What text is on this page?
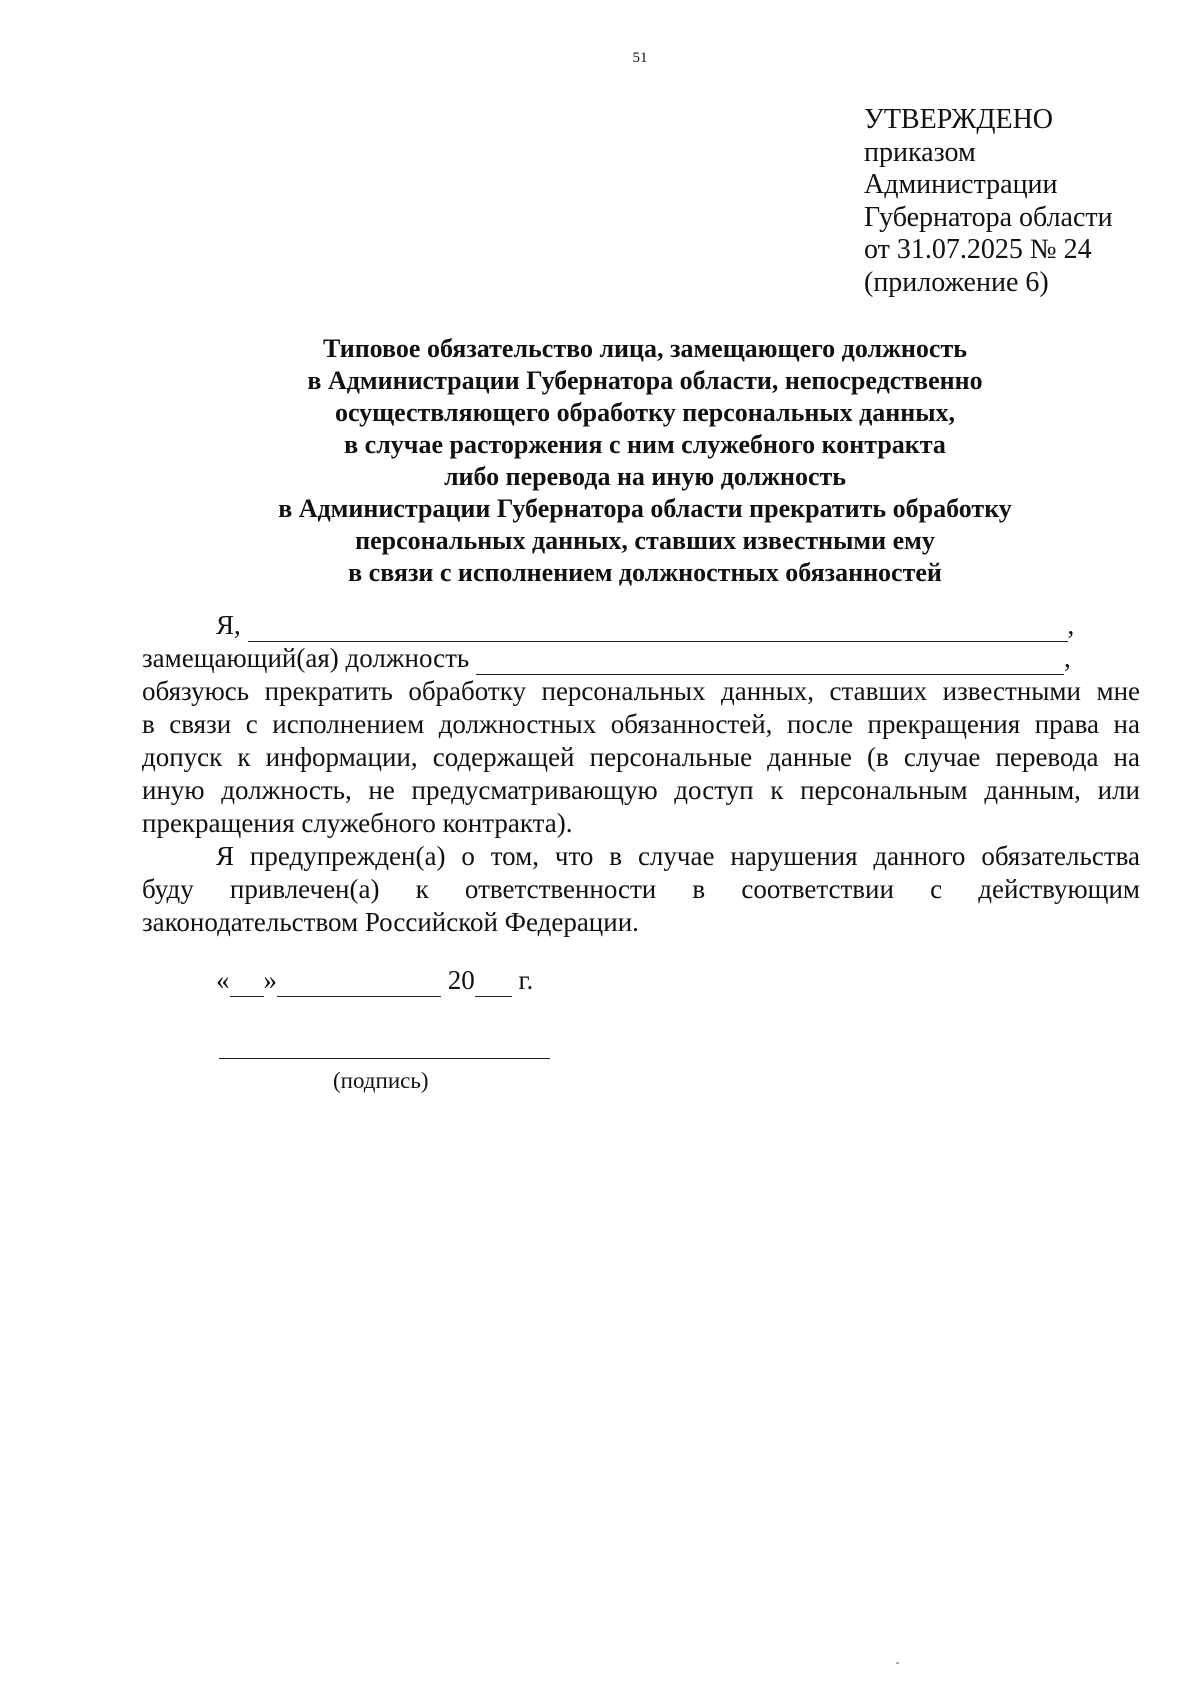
51
УТВЕРЖДЕНО
приказом
Администрации
Губернатора области
от 31.07.2025 № 24
(приложение 6)
Типовое обязательство лица, замещающего должность
в Администрации Губернатора области, непосредственно
осуществляющего обработку персональных данных,
в случае расторжения с ним служебного контракта
либо перевода на иную должность
в Администрации Губернатора области прекратить обработку
персональных данных, ставших известными ему
в связи с исполнением должностных обязанностей
Я,	,
замещающий(ая) должность	,
обязуюсь прекратить обработку персональных данных, ставших известными мне
в связи с исполнением должностных обязанностей, после прекращения права на
допуск к информации, содержащей персональные данные (в случае перевода на
иную должность, не предусматривающую доступ к персональным данным, или
прекращения служебного контракта).
Я предупрежден(а) о том, что в случае нарушения данного обязательства
буду привлечен(а) к ответственности в соответствии с действующим
законодательством Российской Федерации.
« »	20 г.
(подпись)
